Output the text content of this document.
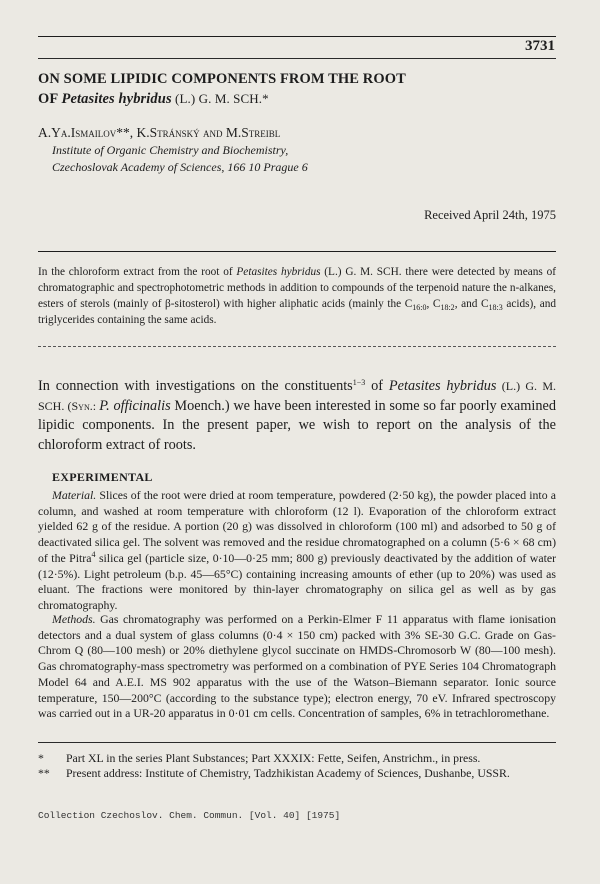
3731
ON SOME LIPIDIC COMPONENTS FROM THE ROOT
OF Petasites hybridus (L.) G. M. SCH.*
A.Ya.Ismailov**, K.Stránský and M.Streibl
Institute of Organic Chemistry and Biochemistry,
Czechoslovak Academy of Sciences, 166 10 Prague 6
Received April 24th, 1975
In the chloroform extract from the root of Petasites hybridus (L.) G. M. SCH. there were detected by means of chromatographic and spectrophotometric methods in addition to compounds of the terpenoid nature the n-alkanes, esters of sterols (mainly of β-sitosterol) with higher aliphatic acids (mainly the $C_{16:0}$, $C_{18:2}$, and $C_{18:3}$ acids), and triglycerides containing the same acids.
In connection with investigations on the constituents$^{1-3}$ of Petasites hybridus (L.) G. M. SCH. (Syn.: P. officinalis Moench.) we have been interested in some so far poorly examined lipidic components. In the present paper, we wish to report on the analysis of the chloroform extract of roots.
EXPERIMENTAL
Material. Slices of the root were dried at room temperature, powdered (2·50 kg), the powder placed into a column, and washed at room temperature with chloroform (12 l). Evaporation of the chloroform extract yielded 62 g of the residue. A portion (20 g) was dissolved in chloroform (100 ml) and adsorbed to 50 g of deactivated silica gel. The solvent was removed and the residue chromatographed on a column (5·6 × 68 cm) of the Pitra$^4$ silica gel (particle size, 0·10—0·25 mm; 800 g) previously deactivated by the addition of water (12·5%). Light petroleum (b.p. 45—65°C) containing increasing amounts of ether (up to 20%) was used as eluant. The fractions were monitored by thin-layer chromatography on silica gel as well as by gas chromatography.
Methods. Gas chromatography was performed on a Perkin-Elmer F 11 apparatus with flame ionisation detectors and a dual system of glass columns (0·4 × 150 cm) packed with 3% SE-30 G.C. Grade on Gas-Chrom Q (80—100 mesh) or 20% diethylene glycol succinate on HMDS-Chromosorb W (80—100 mesh). Gas chromatography-mass spectrometry was performed on a combination of PYE Series 104 Chromatograph Model 64 and A.E.I. MS 902 apparatus with the use of the Watson–Biemann separator. Ionic source temperature, 150—200°C (according to the substance type); electron energy, 70 eV. Infrared spectroscopy was carried out in a UR-20 apparatus in 0·01 cm cells. Concentration of samples, 6% in tetrachloromethane.
* Part XL in the series Plant Substances; Part XXXIX: Fette, Seifen, Anstrichm., in press.
** Present address: Institute of Chemistry, Tadzhikistan Academy of Sciences, Dushanbe, USSR.
Collection Czechoslov. Chem. Commun. [Vol. 40] [1975]
